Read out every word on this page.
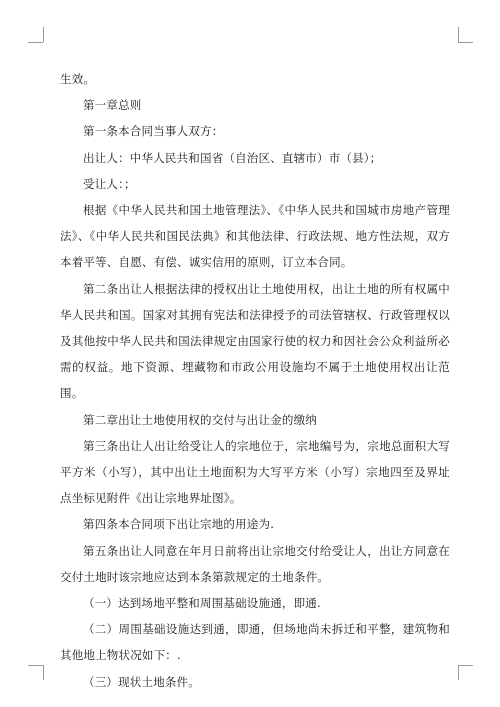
生效。

第一章总则

第一条本合同当事人双方：

出让人：中华人民共和国省（自治区、直辖市）市（县）；

受让人：；

根据《中华人民共和国土地管理法》、《中华人民共和国城市房地产管理法》、《中华人民共和国民法典》和其他法律、行政法规、地方性法规，双方本着平等、自愿、有偿、诚实信用的原则，订立本合同。

第二条出让人根据法律的授权出让土地使用权，出让土地的所有权属中华人民共和国。国家对其拥有宪法和法律授予的司法管辖权、行政管理权以及其他按中华人民共和国法律规定由国家行使的权力和因社会公众利益所必需的权益。地下资源、埋藏物和市政公用设施均不属于土地使用权出让范围。

第二章出让土地使用权的交付与出让金的缴纳

第三条出让人出让给受让人的宗地位于，宗地编号为，宗地总面积大写平方米（小写），其中出让土地面积为大写平方米（小写）宗地四至及界址点坐标见附件《出让宗地界址图》。

第四条本合同项下出让宗地的用途为.

第五条出让人同意在年月日前将出让宗地交付给受让人，出让方同意在交付土地时该宗地应达到本条第款规定的土地条件。

（一）达到场地平整和周围基础设施通，即通.

（二）周围基础设施达到通，即通，但场地尚未拆迁和平整，建筑物和其他地上物状况如下：.

（三）现状土地条件。
